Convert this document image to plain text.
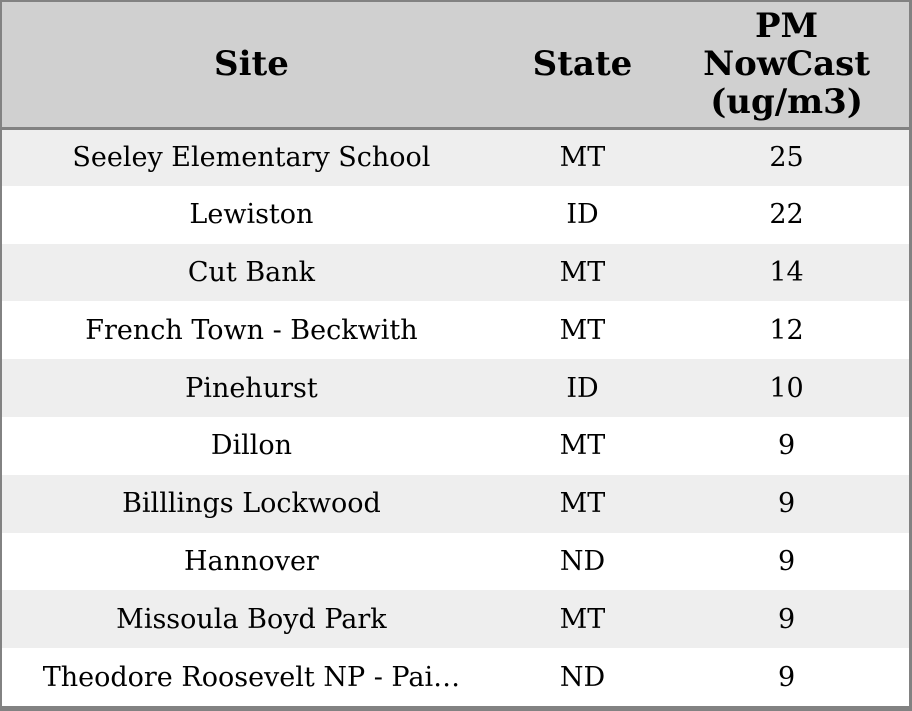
Site	State	PM NowCast (ug/m3)

Seeley Elementary School	MT	25
Lewiston	ID	22
Cut Bank	MT	14
French Town - Beckwith	MT	12
Pinehurst	ID	10
Dillon	MT	9
Billlings Lockwood	MT	9
Hannover	ND	9
Missoula Boyd Park	MT	9
Theodore Roosevelt NP - Pai…	ND	9
